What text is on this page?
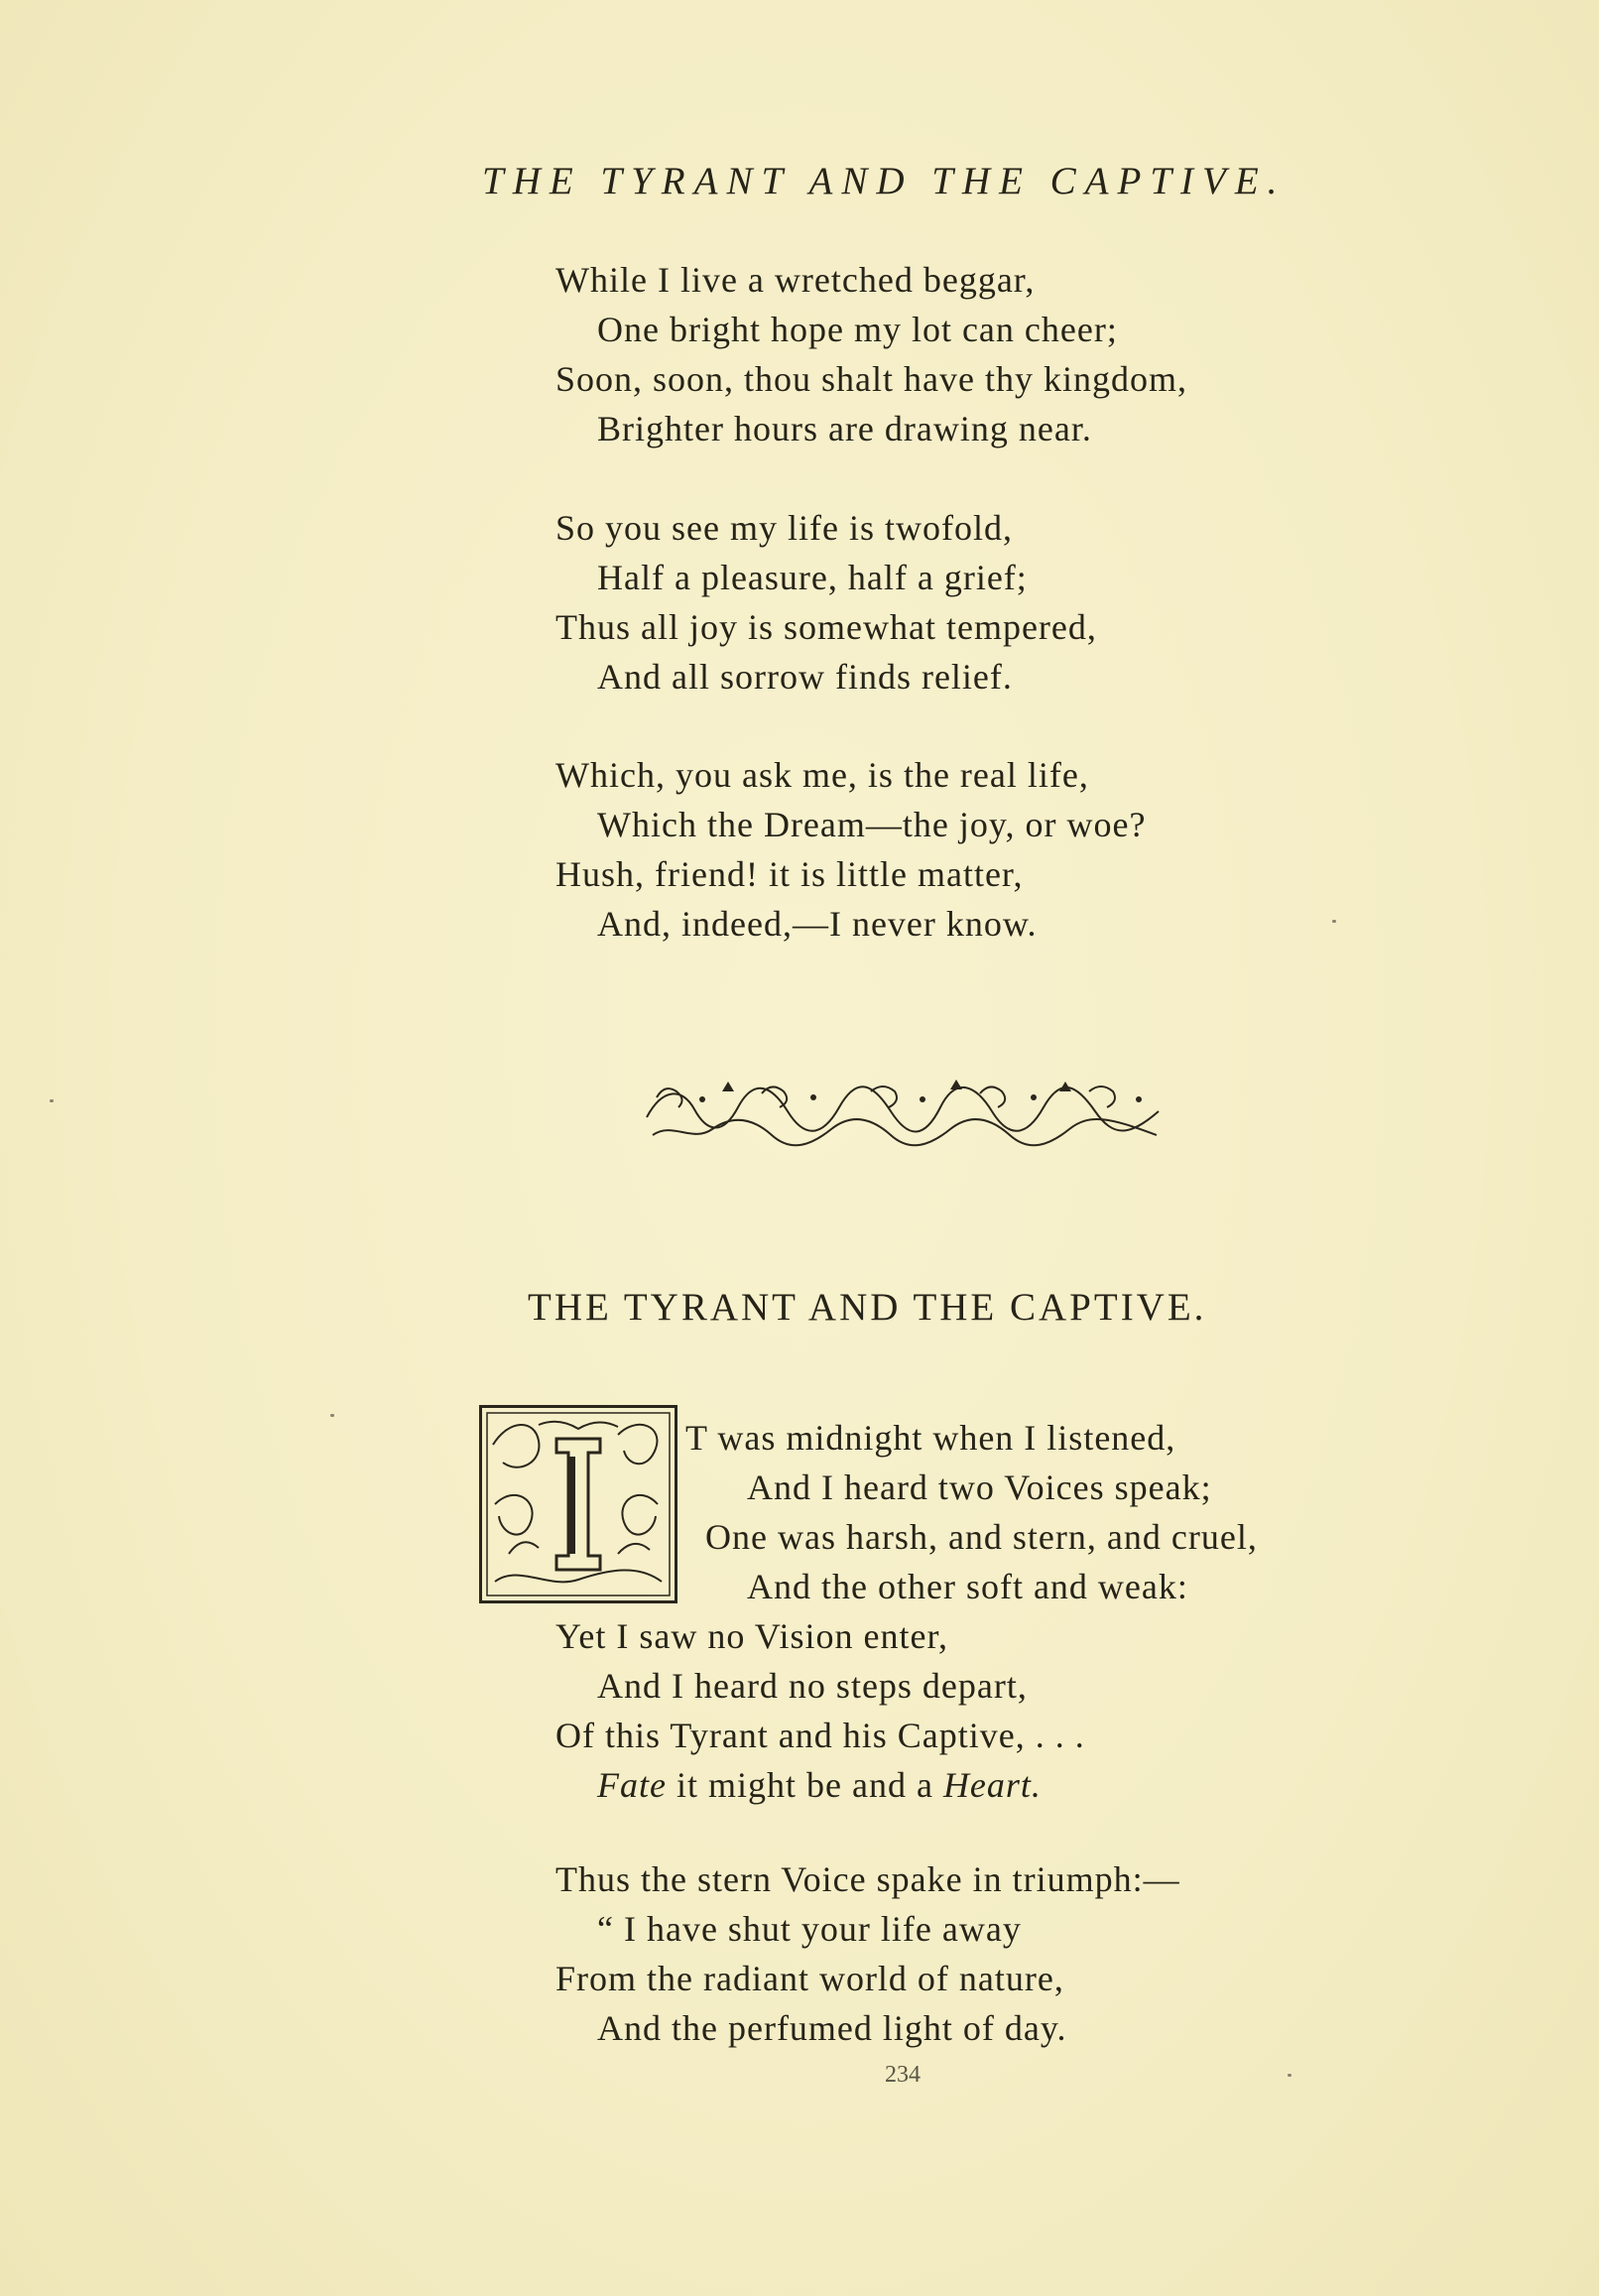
THE TYRANT AND THE CAPTIVE.
While I live a wretched beggar,
One bright hope my lot can cheer;
Soon, soon, thou shalt have thy kingdom,
Brighter hours are drawing near.
So you see my life is twofold,
Half a pleasure, half a grief;
Thus all joy is somewhat tempered,
And all sorrow finds relief.
Which, you ask me, is the real life,
Which the Dream—the joy, or woe?
Hush, friend! it is little matter,
And, indeed,—I never know.
THE TYRANT AND THE CAPTIVE.
I
T was midnight when I listened,
And I heard two Voices speak;
One was harsh, and stern, and cruel,
And the other soft and weak:
Yet I saw no Vision enter,
And I heard no steps depart,
Of this Tyrant and his Captive, . . .
Fate it might be and a Heart.
Thus the stern Voice spake in triumph:—
“ I have shut your life away
From the radiant world of nature,
And the perfumed light of day.
234
